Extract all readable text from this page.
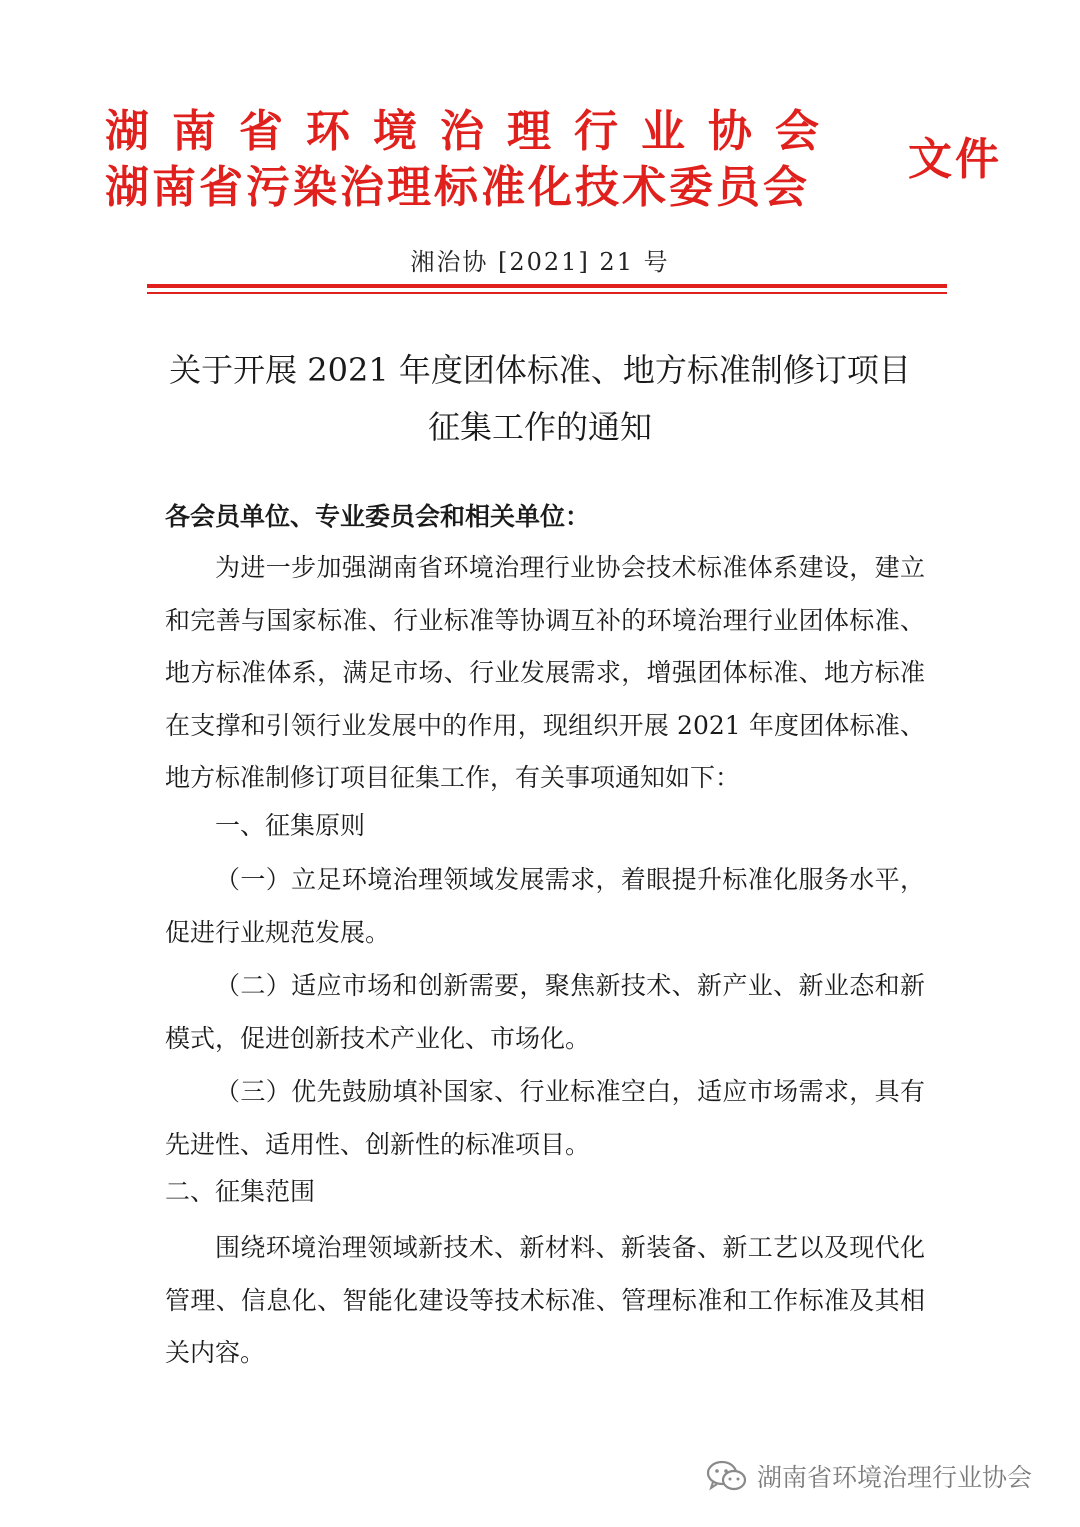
湖南省环境治理行业协会
湖南省污染治理标准化技术委员会
文件
湘治协 [2021] 21 号
关于开展 2021 年度团体标准、地方标准制修订项目
征集工作的通知
各会员单位、专业委员会和相关单位：
为进一步加强湖南省环境治理行业协会技术标准体系建设，建立和完善与国家标准、行业标准等协调互补的环境治理行业团体标准、地方标准体系，满足市场、行业发展需求，增强团体标准、地方标准在支撑和引领行业发展中的作用，现组织开展 2021 年度团体标准、地方标准制修订项目征集工作，有关事项通知如下：
一、征集原则
（一）立足环境治理领域发展需求，着眼提升标准化服务水平，促进行业规范发展。
（二）适应市场和创新需要，聚焦新技术、新产业、新业态和新模式，促进创新技术产业化、市场化。
（三）优先鼓励填补国家、行业标准空白，适应市场需求，具有先进性、适用性、创新性的标准项目。
二、征集范围
围绕环境治理领域新技术、新材料、新装备、新工艺以及现代化管理、信息化、智能化建设等技术标准、管理标准和工作标准及其相关内容。
湖南省环境治理行业协会
